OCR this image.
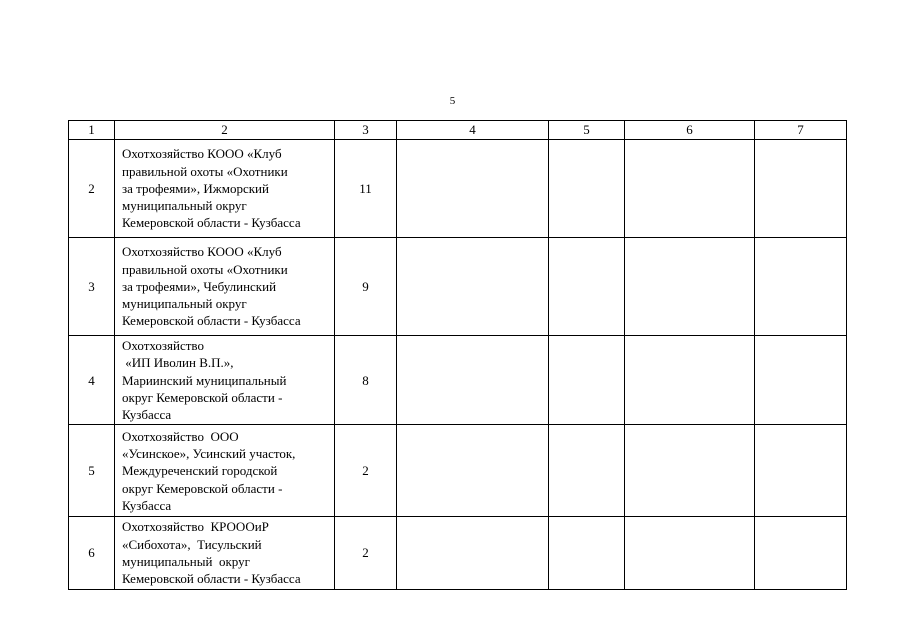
5
1	2	3	4	5	6	7
2	Охотхозяйство КООО «Клуб
правильной охоты «Охотники
за трофеями», Ижморский
муниципальный округ
Кемеровской области - Кузбасса	11				
3	Охотхозяйство КООО «Клуб
правильной охоты «Охотники
за трофеями», Чебулинский
муниципальный округ
Кемеровской области - Кузбасса	9				
4	Охотхозяйство
«ИП Иволин В.П.»,
Мариинский муниципальный
округ Кемеровской области -
Кузбасса	8				
5	Охотхозяйство  ООО
«Усинское», Усинский участок,
Междуреченский городской
округ Кемеровской области -
Кузбасса	2				
6	Охотхозяйство  КРОООиР
«Сибохота»,  Тисульский
муниципальный  округ
Кемеровской области - Кузбасса	2				
